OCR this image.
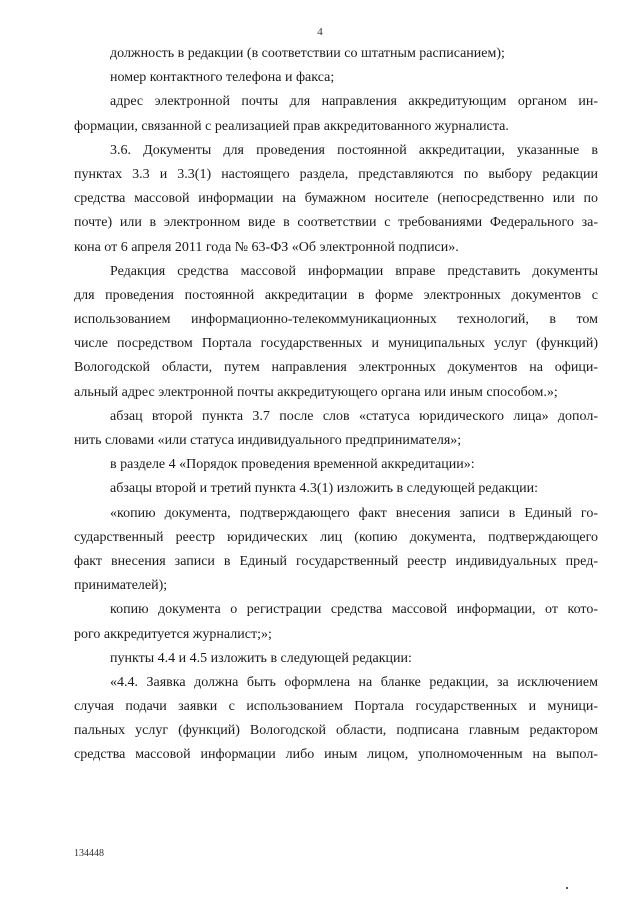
4
должность в редакции (в соответствии со штатным расписанием);
номер контактного телефона и факса;
адрес электронной почты для направления аккредитующим органом ин-
формации, связанной с реализацией прав аккредитованного журналиста.
3.6. Документы для проведения постоянной аккредитации, указанные в
пунктах 3.3 и 3.3(1) настоящего раздела, представляются по выбору редакции
средства массовой информации на бумажном носителе (непосредственно или по
почте) или в электронном виде в соответствии с требованиями Федерального за-
кона от 6 апреля 2011 года № 63-ФЗ «Об электронной подписи».
Редакция средства массовой информации вправе представить документы
для проведения постоянной аккредитации в форме электронных документов с
использованием информационно-телекоммуникационных технологий, в том
числе посредством Портала государственных и муниципальных услуг (функций)
Вологодской области, путем направления электронных документов на офици-
альный адрес электронной почты аккредитующего органа или иным способом.»;
абзац второй пункта 3.7 после слов «статуса юридического лица» допол-
нить словами «или статуса индивидуального предпринимателя»;
в разделе 4 «Порядок проведения временной аккредитации»:
абзацы второй и третий пункта 4.3(1) изложить в следующей редакции:
«копию документа, подтверждающего факт внесения записи в Единый го-
сударственный реестр юридических лиц (копию документа, подтверждающего
факт внесения записи в Единый государственный реестр индивидуальных пред-
принимателей);
копию документа о регистрации средства массовой информации, от кото-
рого аккредитуется журналист;»;
пункты 4.4 и 4.5 изложить в следующей редакции:
«4.4. Заявка должна быть оформлена на бланке редакции, за исключением
случая подачи заявки с использованием Портала государственных и муници-
пальных услуг (функций) Вологодской области, подписана главным редактором
средства массовой информации либо иным лицом, уполномоченным на выпол-
134448
